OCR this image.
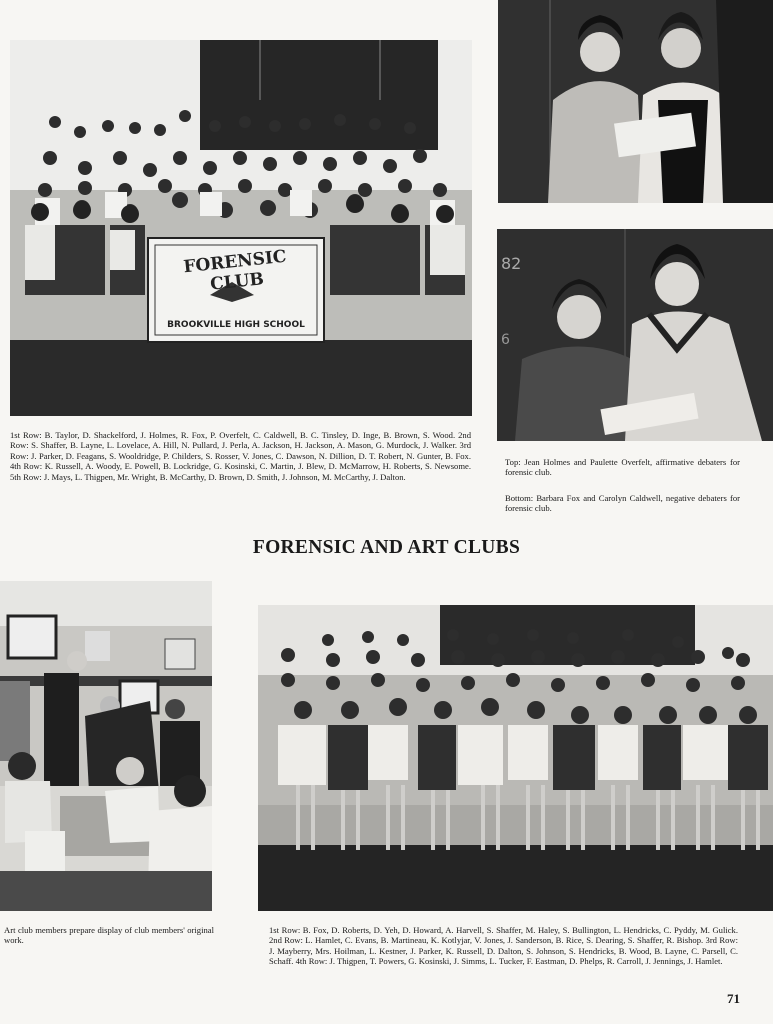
FORENSIC CLUB
BROOKVILLE HIGH SCHOOL
82
6

1st Row: B. Taylor, D. Shackelford, J. Holmes, R. Fox, P. Overfelt, C. Caldwell, B. C. Tinsley, D. Inge, B. Brown, S. Wood. 2nd Row: S. Shaffer, B. Layne, L. Lovelace, A. Hill, N. Pullard, J. Perla, A. Jackson, H. Jackson, A. Mason, G. Murdock, J. Walker. 3rd Row: J. Parker, D. Feagans, S. Wooldridge, P. Childers, S. Rosser, V. Jones, C. Dawson, N. Dillion, D. T. Robert, N. Gunter, B. Fox. 4th Row: K. Russell, A. Woody, E. Powell, B. Lockridge, G. Kosinski, C. Martin, J. Blew, D. McMarrow, H. Roberts, S. Newsome. 5th Row: J. Mays, L. Thigpen, Mr. Wright, B. McCarthy, D. Brown, D. Smith, J. Johnson, M. McCarthy, J. Dalton.

Top: Jean Holmes and Paulette Overfelt, affirmative debaters for forensic club.

Bottom: Barbara Fox and Carolyn Caldwell, negative debaters for forensic club.

FORENSIC AND ART CLUBS

Art club members prepare display of club members' original work.

1st Row: B. Fox, D. Roberts, D. Yeh, D. Howard, A. Harvell, S. Shaffer, M. Haley, S. Bullington, L. Hendricks, C. Pyddy, M. Gulick. 2nd Row: L. Hamlet, C. Evans, B. Martineau, K. Kotlyjar, V. Jones, J. Sanderson, B. Rice, S. Dearing, S. Shaffer, R. Bishop. 3rd Row: J. Mayberry, Mrs. Hoilman, L. Kestner, J. Parker, K. Russell, D. Dalton, S. Johnson, S. Hendricks, B. Wood, B. Layne, C. Parsell, C. Schaff. 4th Row: J. Thigpen, T. Powers, G. Kosinski, J. Simms, L. Tucker, F. Eastman, D. Phelps, R. Carroll, J. Jennings, J. Hamlet.

71
